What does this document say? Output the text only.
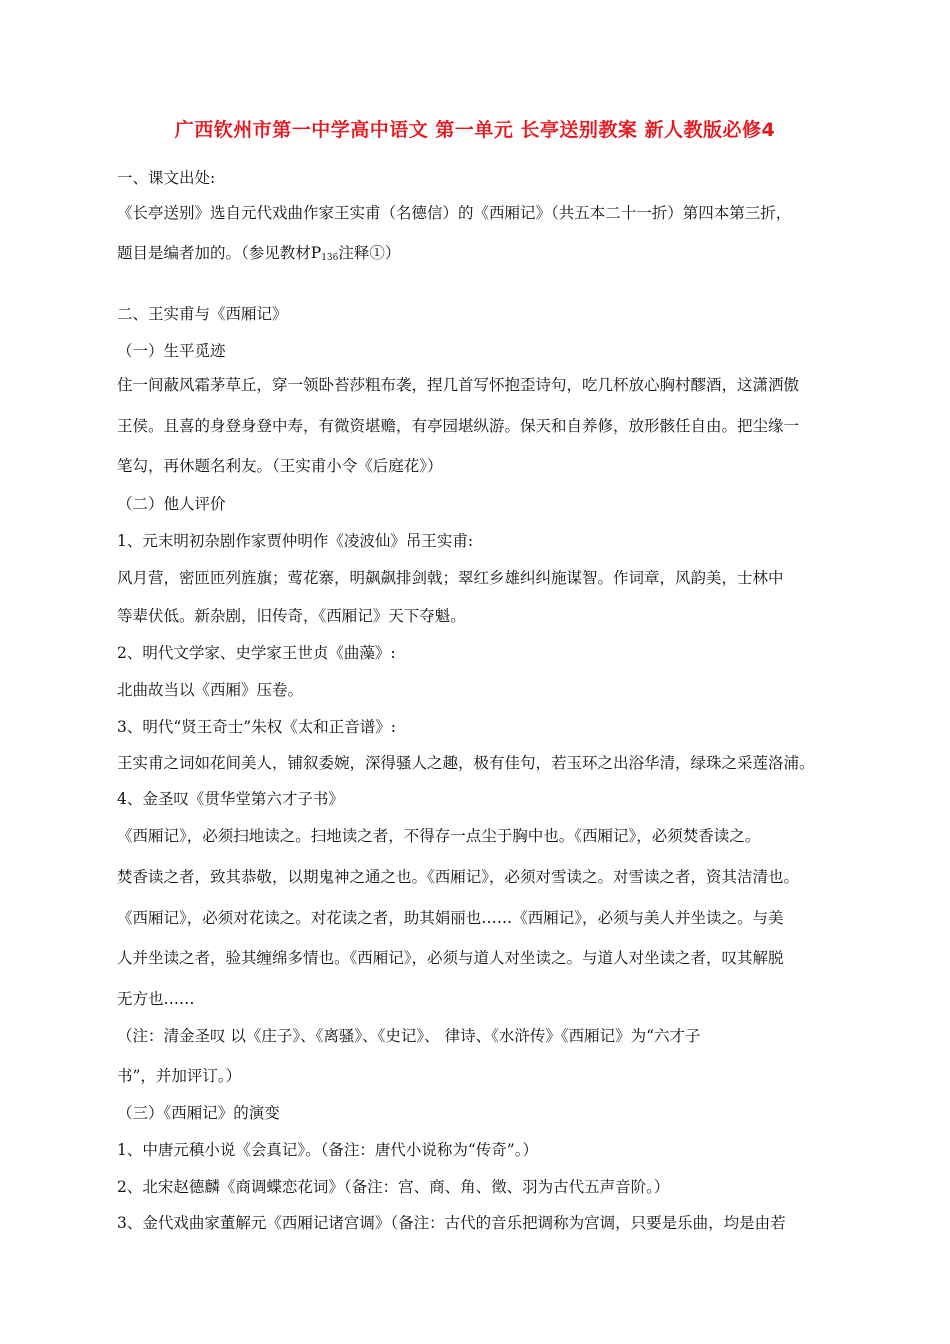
广西钦州市第一中学高中语文 第一单元 长亭送别教案 新人教版必修4
一、课文出处:
《长亭送别》选自元代戏曲作家王实甫（名德信）的《西厢记》（共五本二十一折）第四本第三折，
题目是编者加的。（参见教材$P_{136}$注释①）
二、王实甫与《西厢记》
（一）生平觅迹
住一间蔽风霜茅草丘，穿一领卧苔莎粗布袭，捏几首写怀抱歪诗句，吃几杯放心胸村醪酒，这潇洒傲
王侯。且喜的身登身登中寿，有微资堪赡，有亭园堪纵游。保天和自养修，放形骸任自由。把尘缘一
笔勾，再休题名利友。（王实甫小令《后庭花》）
（二）他人评价
1、元末明初杂剧作家贾仲明作《凌波仙》吊王实甫:
风月营，密匝匝列旌旗；莺花寨，明飙飙排剑戟；翠红乡雄纠纠施谋智。作词章，风韵美，士林中
等辈伏低。新杂剧，旧传奇，《西厢记》天下夺魁。
2、明代文学家、史学家王世贞《曲藻》:
北曲故当以《西厢》压卷。
3、明代“贤王奇士”朱权《太和正音谱》:
王实甫之词如花间美人，铺叙委婉，深得骚人之趣，极有佳句，若玉环之出浴华清，绿珠之采莲洛浦。
4、金圣叹《贯华堂第六才子书》
《西厢记》，必须扫地读之。扫地读之者，不得存一点尘于胸中也。《西厢记》，必须焚香读之。
焚香读之者，致其恭敬，以期鬼神之通之也。《西厢记》，必须对雪读之。对雪读之者，资其洁清也。
《西厢记》，必须对花读之。对花读之者，助其娟丽也……《西厢记》，必须与美人并坐读之。与美
人并坐读之者，验其缠绵多情也。《西厢记》，必须与道人对坐读之。与道人对坐读之者，叹其解脱
无方也……
（注：清金圣叹 以《庄子》、《离骚》、《史记》、 律诗、《水浒传》《西厢记》为“六才子
书”，并加评订。）
（三）《西厢记》的演变
1、中唐元稹小说《会真记》。（备注：唐代小说称为“传奇”。）
2、北宋赵德麟《商调蝶恋花词》（备注：宫、商、角、徵、羽为古代五声音阶。）
3、金代戏曲家董解元《西厢记诸宫调》（备注：古代的音乐把调称为宫调，只要是乐曲，均是由若
